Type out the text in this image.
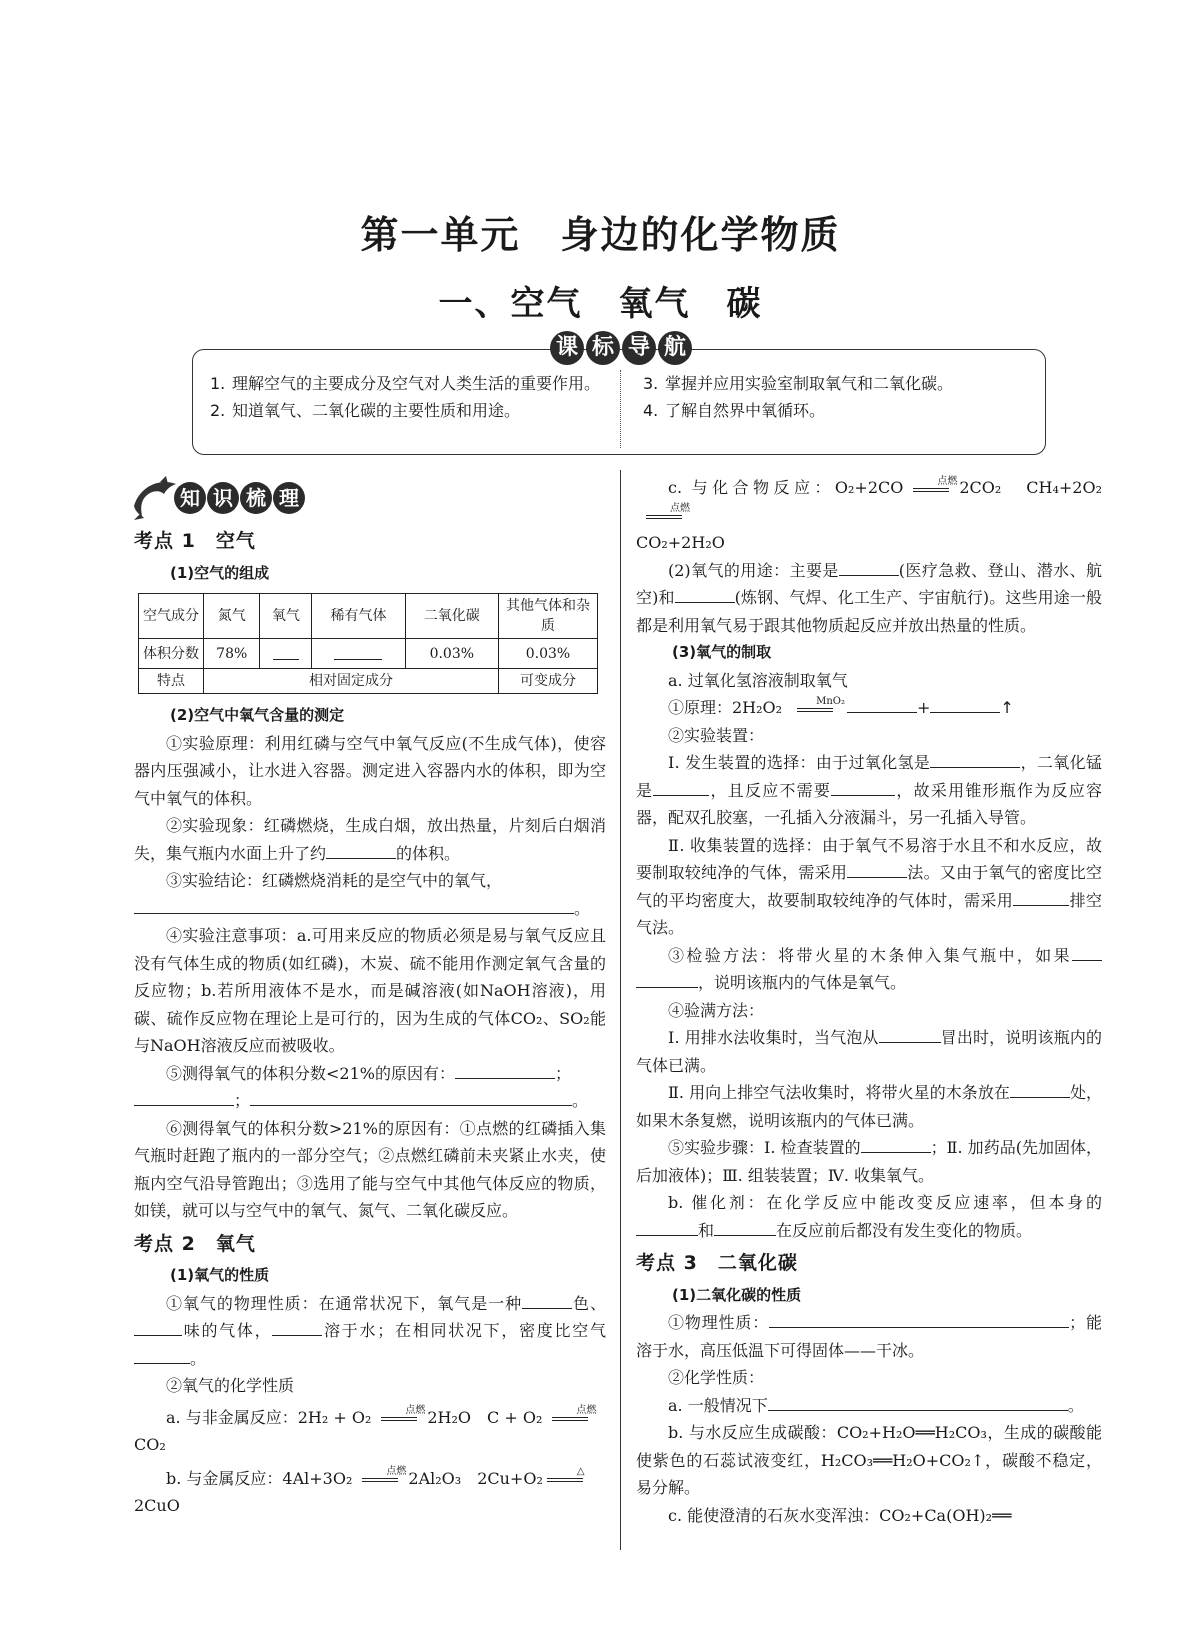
第一单元　身边的化学物质
一、空气　氧气　碳
课 标 导 航
1. 理解空气的主要成分及空气对人类生活的重要作用。
2. 知道氧气、二氧化碳的主要性质和用途。
3. 掌握并应用实验室制取氧气和二氧化碳。
4. 了解自然界中氧循环。
知 识 梳 理

考点 1　空气

(1)空气的组成

空气成分	氮气	氧气	稀有气体	二氧化碳	其他气体和杂质
体积分数	78%			0.03%	0.03%
特点	相对固定成分				可变成分

(2)空气中氧气含量的测定

①实验原理：利用红磷与空气中氧气反应(不生成气体)，使容器内压强减小，让水进入容器。测定进入容器内水的体积，即为空气中氧气的体积。

②实验现象：红磷燃烧，生成白烟，放出热量，片刻后白烟消失，集气瓶内水面上升了约	的体积。

③实验结论：红磷燃烧消耗的是空气中的氧气，

。

④实验注意事项：a.可用来反应的物质必须是易与氧气反应且没有气体生成的物质(如红磷)，木炭、硫不能用作测定氧气含量的反应物；b.若所用液体不是水，而是碱溶液(如NaOH溶液)，用碳、硫作反应物在理论上是可行的，因为生成的气体CO₂、SO₂能与NaOH溶液反应而被吸收。

⑤测得氧气的体积分数<21%的原因有：	；

；	。

⑥测得氧气的体积分数>21%的原因有：①点燃的红磷插入集气瓶时赶跑了瓶内的一部分空气；②点燃红磷前未夹紧止水夹，使瓶内空气沿导管跑出；③选用了能与空气中其他气体反应的物质，如镁，就可以与空气中的氧气、氮气、二氧化碳反应。

考点 2　氧气

(1)氧气的性质

①氧气的物理性质：在通常状况下，氧气是一种	色、味的气体，	溶于水；在相同状况下，密度比空气。

②氧气的化学性质

a. 与非金属反应：2H₂ + O₂	点燃 2H₂O　C + O₂	点燃

CO₂

b. 与金属反应：4Al+3O₂	点燃 2Al₂O₃　2Cu+O₂	△

2CuO

c. 与化合物反应：O₂+2CO	点燃 2CO₂　CH₄+2O₂
点燃

CO₂+2H₂O

(2)氧气的用途：主要是	(医疗急救、登山、潜水、航空)和	(炼钢、气焊、化工生产、宇宙航行)。这些用途一般都是利用氧气易于跟其他物质起反应并放出热量的性质。

(3)氧气的制取

a. 过氧化氢溶液制取氧气

①原理：2H₂O₂	MnO₂	+	↑

②实验装置：

Ⅰ. 发生装置的选择：由于过氧化氢是	，二氧化锰是	，且反应不需要	，故采用锥形瓶作为反应容器，配双孔胶塞，一孔插入分液漏斗，另一孔插入导管。

Ⅱ. 收集装置的选择：由于氧气不易溶于水且不和水反应，故要制取较纯净的气体，需采用	法。又由于氧气的密度比空气的平均密度大，故要制取较纯净的气体时，需采用	排空气法。

③检验方法：将带火星的木条伸入集气瓶中，如果，说明该瓶内的气体是氧气。

④验满方法：

Ⅰ. 用排水法收集时，当气泡从	冒出时，说明该瓶内的气体已满。

Ⅱ. 用向上排空气法收集时，将带火星的木条放在	处，如果木条复燃，说明该瓶内的气体已满。

⑤实验步骤：Ⅰ. 检查装置的	；Ⅱ. 加药品(先加固体，后加液体)；Ⅲ. 组装装置；Ⅳ. 收集氧气。

b. 催化剂：在化学反应中能改变反应速率，但本身的和	在反应前后都没有发生变化的物质。

考点 3　二氧化碳

(1)二氧化碳的性质

①物理性质：	；能溶于水，高压低温下可得固体——干冰。

②化学性质：

a. 一般情况下	。

b. 与水反应生成碳酸：CO₂+H₂O══H₂CO₃，生成的碳酸能使紫色的石蕊试液变红，H₂CO₃══H₂O+CO₂↑，碳酸不稳定，易分解。

c. 能使澄清的石灰水变浑浊：CO₂+Ca(OH)₂══
